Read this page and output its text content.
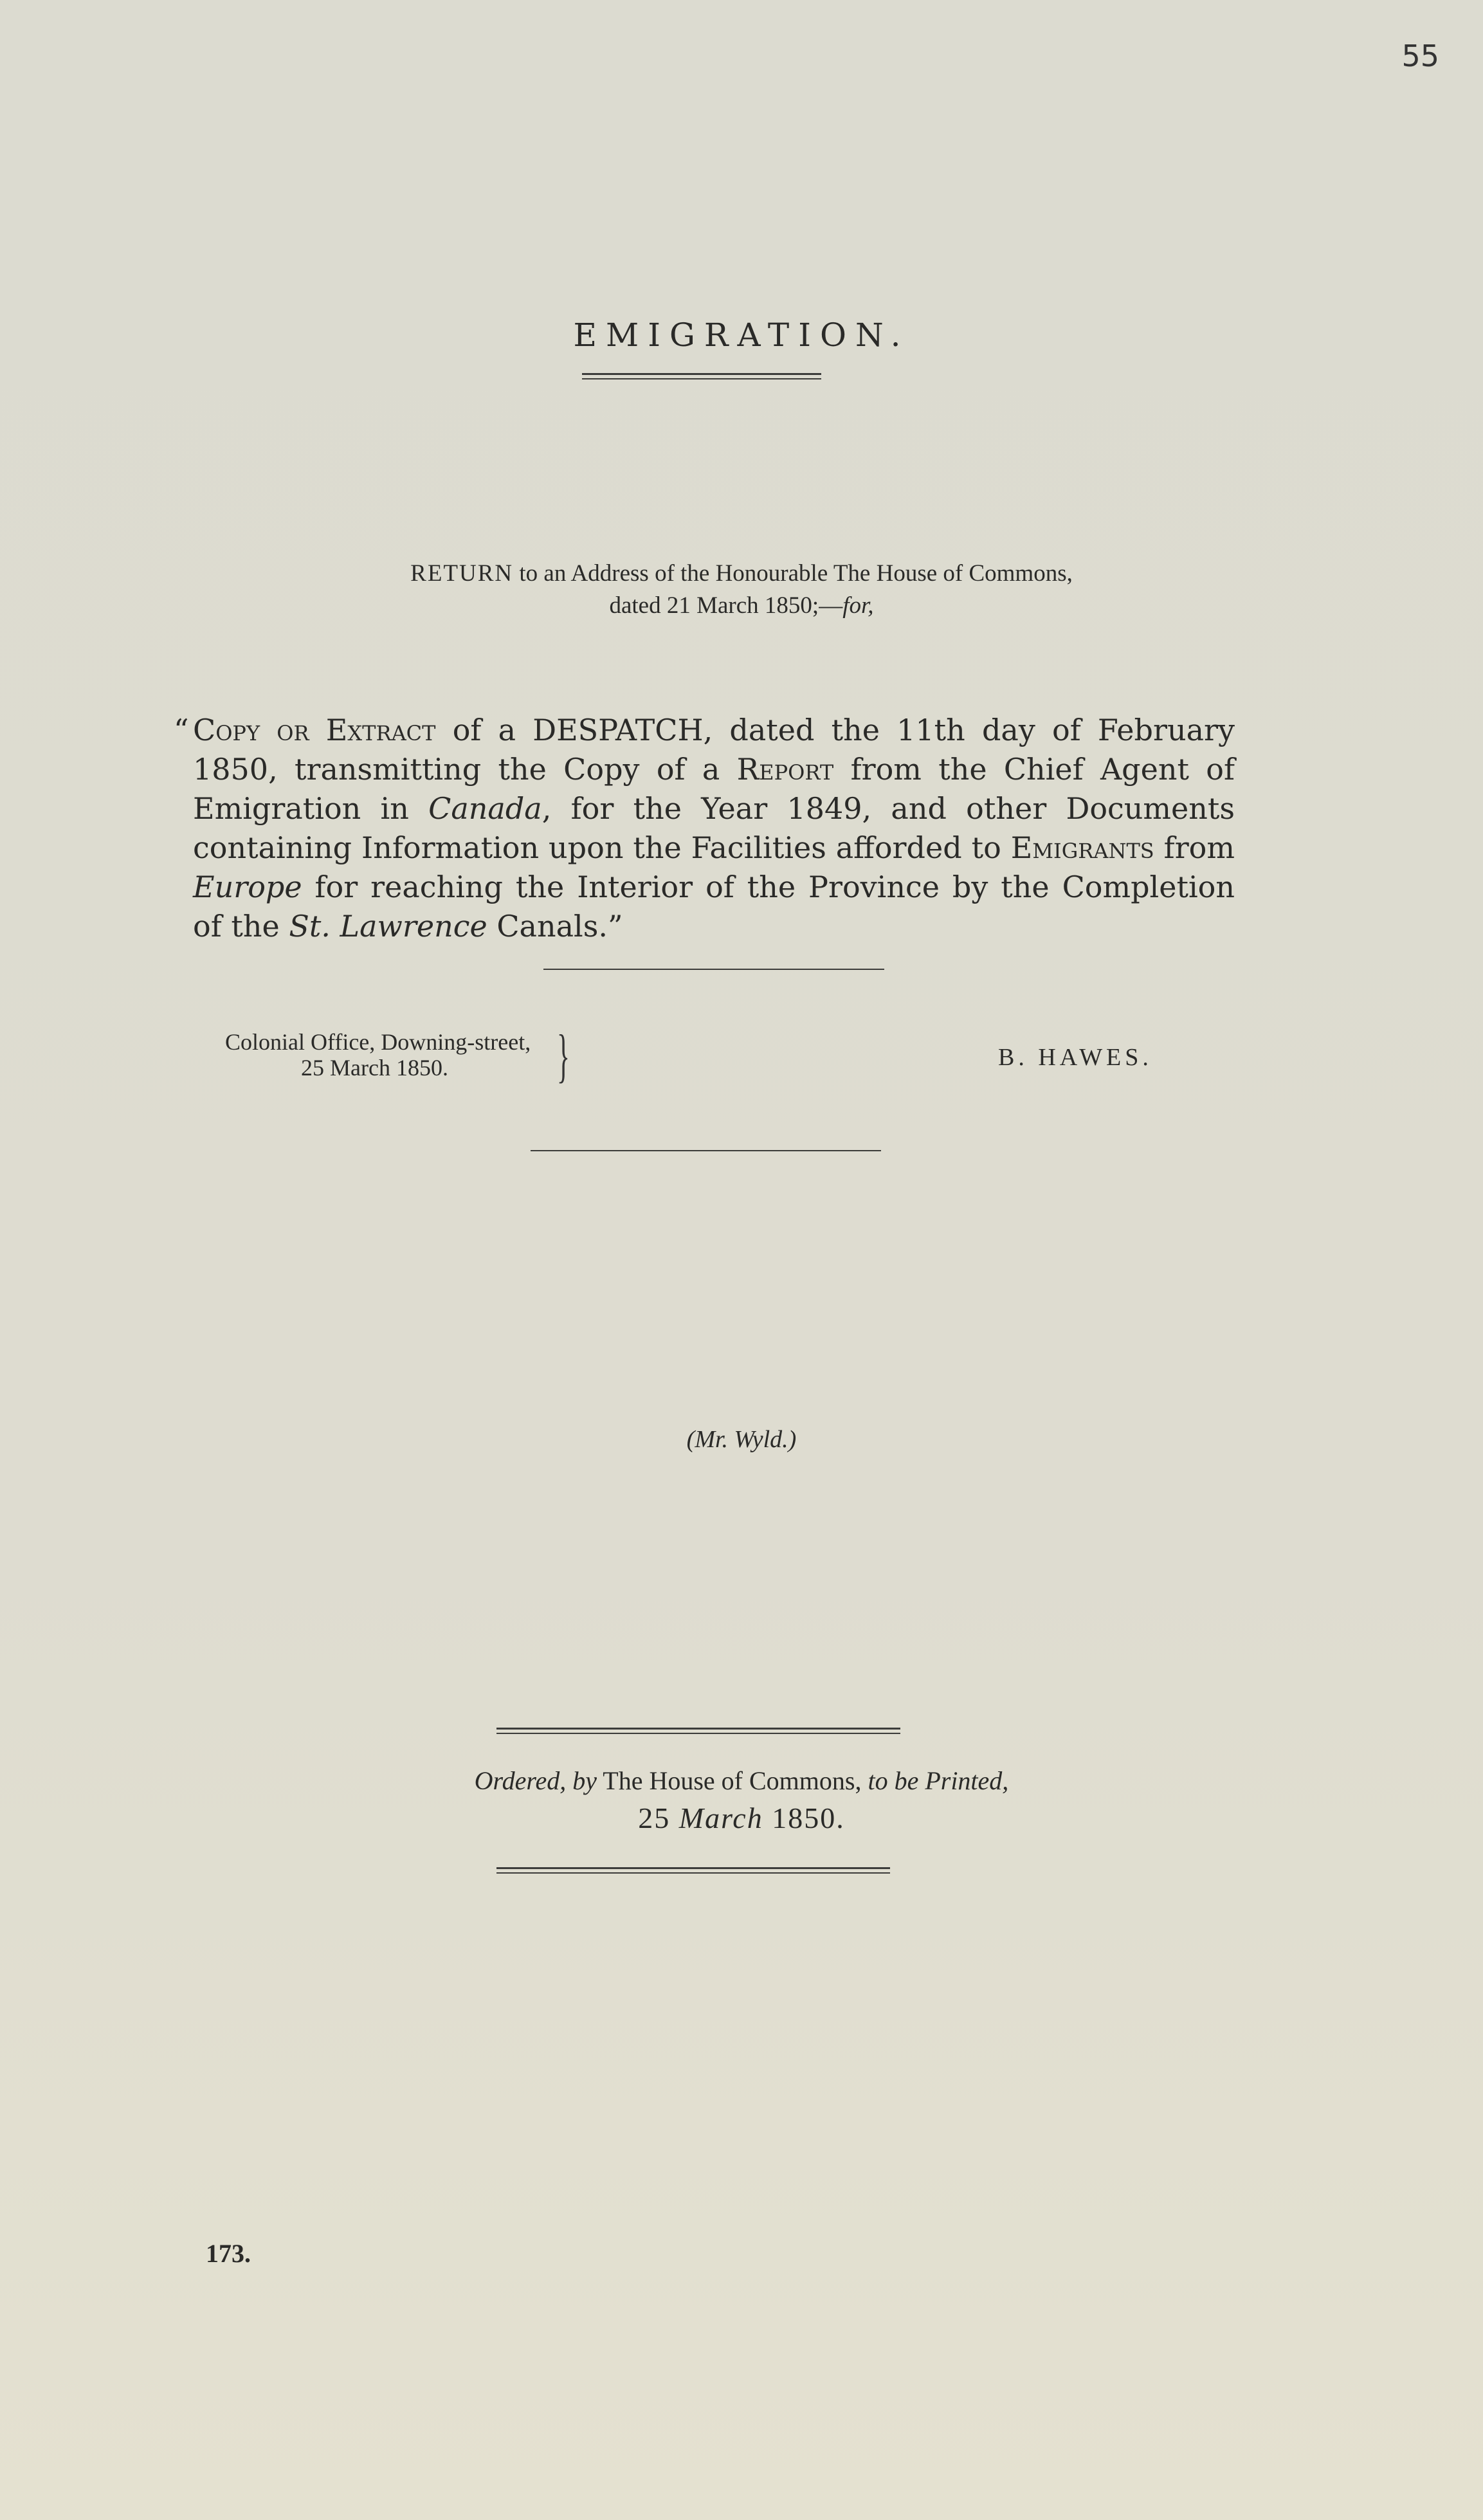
55
EMIGRATION.
RETURN to an Address of the Honourable The House of Commons,
dated 21 March 1850;—for,
“ Copy or Extract of a DESPATCH, dated the 11th day of February 1850, transmitting the Copy of a Report from the Chief Agent of Emigration in Canada, for the Year 1849, and other Documents containing Information upon the Facilities afforded to Emigrants from Europe for reaching the Interior of the Province by the Completion of the St. Lawrence Canals.”

Colonial Office, Downing-street,
25 March 1850.	}	B. HAWES.
(Mr. Wyld.)
Ordered, by The House of Commons, to be Printed,
25 March 1850.
173.
